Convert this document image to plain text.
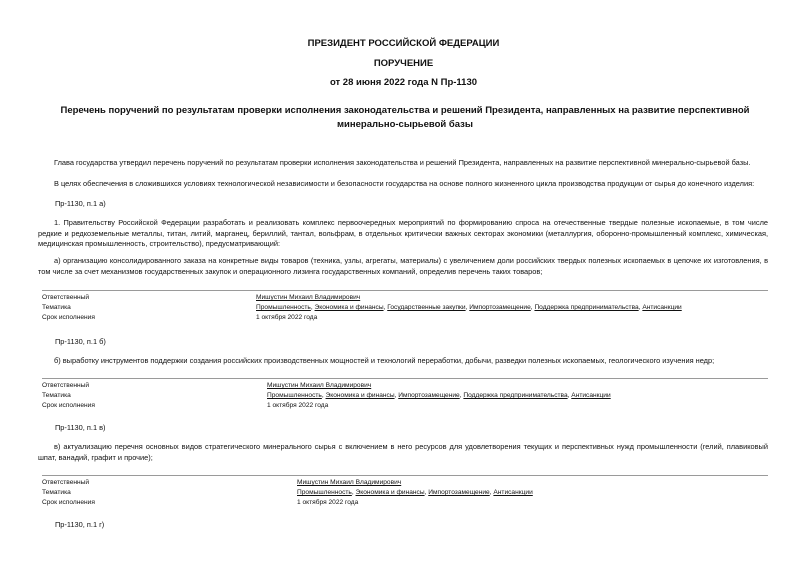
ПРЕЗИДЕНТ РОССИЙСКОЙ ФЕДЕРАЦИИ
ПОРУЧЕНИЕ
от 28 июня 2022 года N Пр-1130
Перечень поручений по результатам проверки исполнения законодательства и решений Президента, направленных на развитие перспективной минерально-сырьевой базы
Глава государства утвердил перечень поручений по результатам проверки исполнения законодательства и решений Президента, направленных на развитие перспективной минерально-сырьевой базы.
В целях обеспечения в сложившихся условиях технологической независимости и безопасности государства на основе полного жизненного цикла производства продукции от сырья до конечного изделия:
Пр-1130, п.1 а)
1. Правительству Российской Федерации разработать и реализовать комплекс первоочередных мероприятий по формированию спроса на отечественные твердые полезные ископаемые, в том числе редкие и редкоземельные металлы, титан, литий, марганец, бериллий, тантал, вольфрам, в отдельных критически важных секторах экономики (металлургия, оборонно-промышленный комплекс, химическая, медицинская промышленность, строительство), предусматривающий:
а) организацию консолидированного заказа на конкретные виды товаров (техника, узлы, агрегаты, материалы) с увеличением доли российских твердых полезных ископаемых в цепочке их изготовления, в том числе за счет механизмов государственных закупок и операционного лизинга государственных компаний, определив перечень таких товаров;
Ответственный	Мишустин Михаил Владимирович
Тематика	Промышленность, Экономика и финансы, Государственные закупки, Импортозамещение, Поддержка предпринимательства, Антисанкции
Срок исполнения	1 октября 2022 года
Пр-1130, п.1 б)
б) выработку инструментов поддержки создания российских производственных мощностей и технологий переработки, добычи, разведки полезных ископаемых, геологического изучения недр;
Ответственный	Мишустин Михаил Владимирович
Тематика	Промышленность, Экономика и финансы, Импортозамещение, Поддержка предпринимательства, Антисанкции
Срок исполнения	1 октября 2022 года
Пр-1130, п.1 в)
в) актуализацию перечня основных видов стратегического минерального сырья с включением в него ресурсов для удовлетворения текущих и перспективных нужд промышленности (гелий, плавиковый шпат, ванадий, графит и прочие);
Ответственный	Мишустин Михаил Владимирович
Тематика	Промышленность, Экономика и финансы, Импортозамещение, Антисанкции
Срок исполнения	1 октября 2022 года
Пр-1130, п.1 г)
